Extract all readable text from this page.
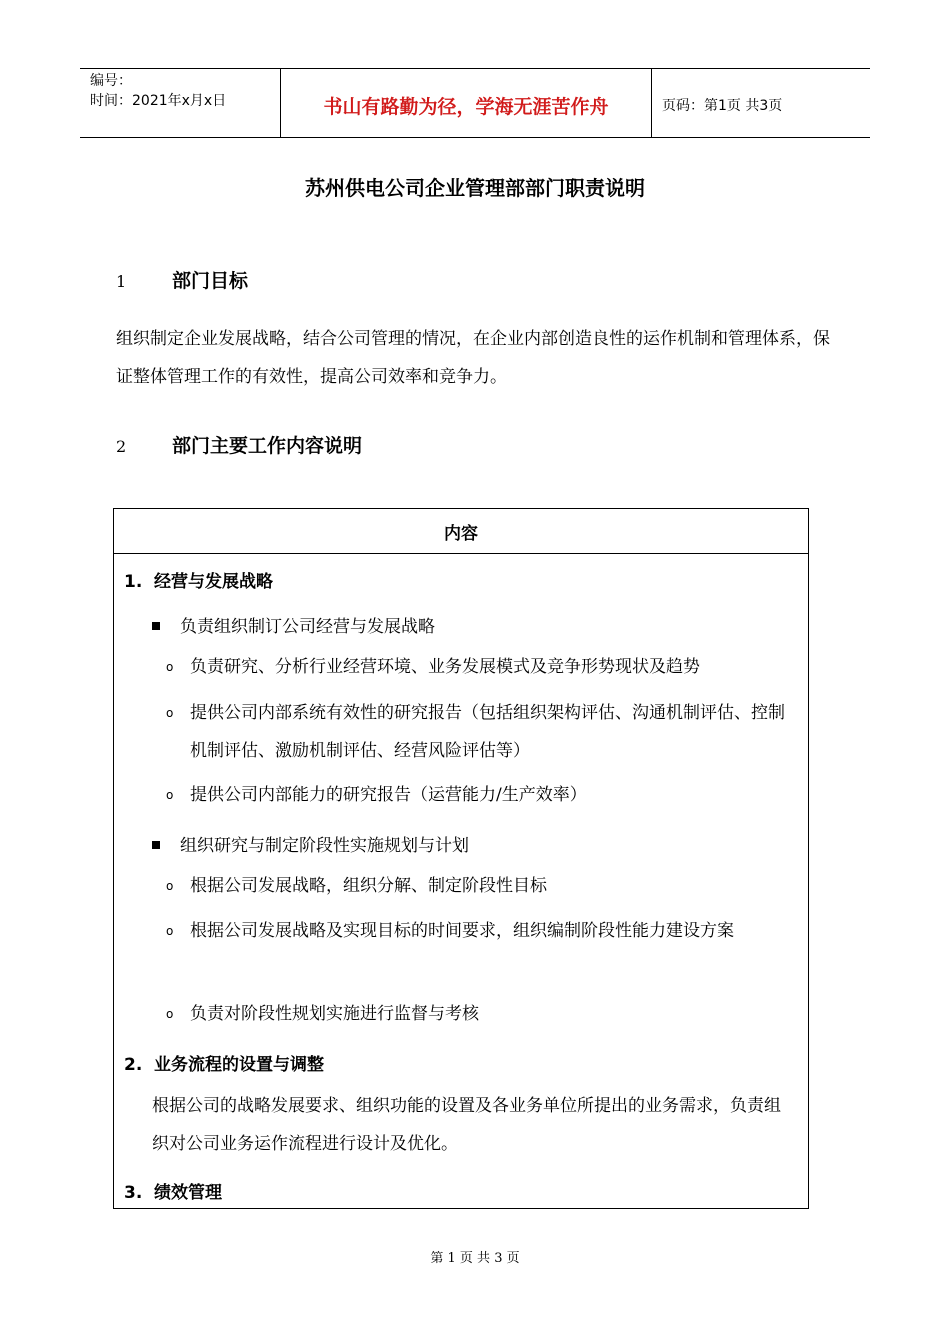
编号：
时间：2021年x月x日	书山有路勤为径，学海无涯苦作舟	页码：第1页 共3页
苏州供电公司企业管理部部门职责说明
1 部门目标
组织制定企业发展战略，结合公司管理的情况，在企业内部创造良性的运作机制和管理体系，保证整体管理工作的有效性，提高公司效率和竞争力。
2 部门主要工作内容说明
内容
1. 经营与发展战略
负责组织制订公司经营与发展战略
o 负责研究、分析行业经营环境、业务发展模式及竞争形势现状及趋势
o 提供公司内部系统有效性的研究报告（包括组织架构评估、沟通机制评估、控制机制评估、激励机制评估、经营风险评估等）
o 提供公司内部能力的研究报告（运营能力/生产效率）
组织研究与制定阶段性实施规划与计划
o 根据公司发展战略，组织分解、制定阶段性目标
o 根据公司发展战略及实现目标的时间要求，组织编制阶段性能力建设方案
o 负责对阶段性规划实施进行监督与考核
2. 业务流程的设置与调整
根据公司的战略发展要求、组织功能的设置及各业务单位所提出的业务需求，负责组织对公司业务运作流程进行设计及优化。
3. 绩效管理
第 1 页 共 3 页
